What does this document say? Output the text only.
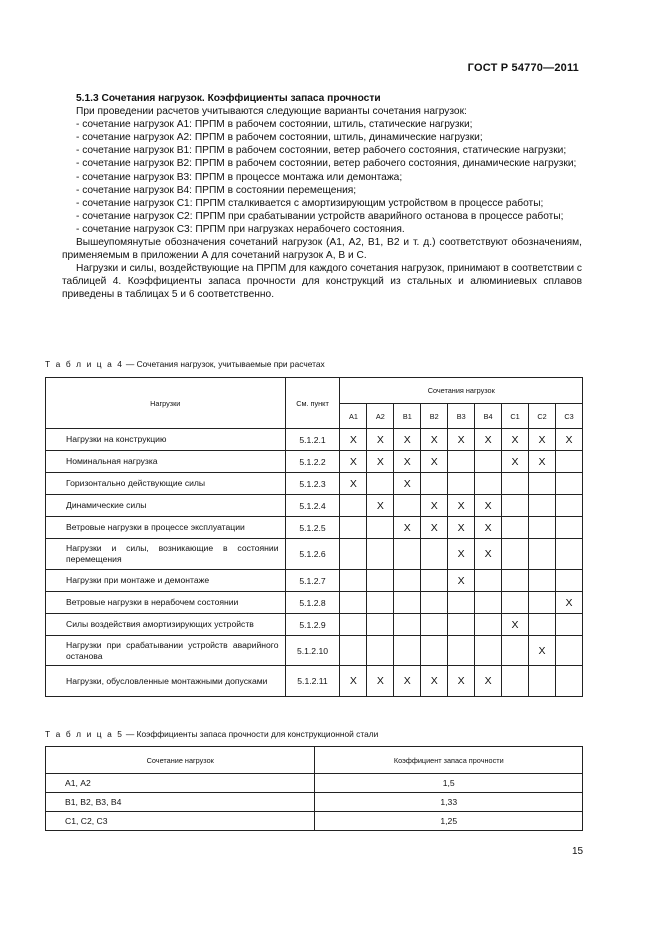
ГОСТ Р 54770—2011

5.1.3 Сочетания нагрузок. Коэффициенты запаса прочности

При проведении расчетов учитываются следующие варианты сочетания нагрузок:

- сочетание нагрузок А1: ПРПМ в рабочем состоянии, штиль, статические нагрузки;

- сочетание нагрузок А2: ПРПМ в рабочем состоянии, штиль, динамические нагрузки;

- сочетание нагрузок В1: ПРПМ в рабочем состоянии, ветер рабочего состояния, статические нагрузки;

- сочетание нагрузок В2: ПРПМ в рабочем состоянии, ветер рабочего состояния, динамические нагрузки;

- сочетание нагрузок В3: ПРПМ в процессе монтажа или демонтажа;

- сочетание нагрузок В4: ПРПМ в состоянии перемещения;

- сочетание нагрузок С1: ПРПМ сталкивается с амортизирующим устройством в процессе работы;

- сочетание нагрузок С2: ПРПМ при срабатывании устройств аварийного останова в процессе работы;

- сочетание нагрузок С3: ПРПМ при нагрузках нерабочего состояния.

Вышеупомянутые обозначения сочетаний нагрузок (А1, А2, В1, В2 и т. д.) соответствуют обозначениям, применяемым в приложении А для сочетаний нагрузок А, В и С.

Нагрузки и силы, воздействующие на ПРПМ для каждого сочетания нагрузок, принимают в соответствии с таблицей 4. Коэффициенты запаса прочности для конструкций из стальных и алюминиевых сплавов приведены в таблицах 5 и 6 соответственно.

Т а б л и ц а 4 — Сочетания нагрузок, учитываемые при расчетах
Нагрузки	См. пункт	Сочетания нагрузок								
		А1	А2	В1	В2	В3	В4	С1	С2	С3
Нагрузки на конструкцию	5.1.2.1	X	X	X	X	X	X	X	X	X
Номинальная нагрузка	5.1.2.2	X	X	X	X			X	X	
Горизонтально действующие силы	5.1.2.3	X		X						
Динамические силы	5.1.2.4		X		X	X	X			
Ветровые нагрузки в процессе эксплуатации	5.1.2.5			X	X	X	X			
Нагрузки и силы, возникающие в состоянии перемещения	5.1.2.6					X	X			
Нагрузки при монтаже и демонтаже	5.1.2.7					X				
Ветровые нагрузки в нерабочем состоянии	5.1.2.8									X
Силы воздействия амортизирующих устройств	5.1.2.9							X		
Нагрузки при срабатывании устройств аварийного останова	5.1.2.10								X	
Нагрузки, обусловленные монтажными допусками	5.1.2.11	X	X	X	X	X	X			
Т а б л и ц а 5 — Коэффициенты запаса прочности для конструкционной стали
Сочетание нагрузок	Коэффициент запаса прочности
А1, А2	1,5
В1, В2, В3, В4	1,33
С1, С2, С3	1,25
15
